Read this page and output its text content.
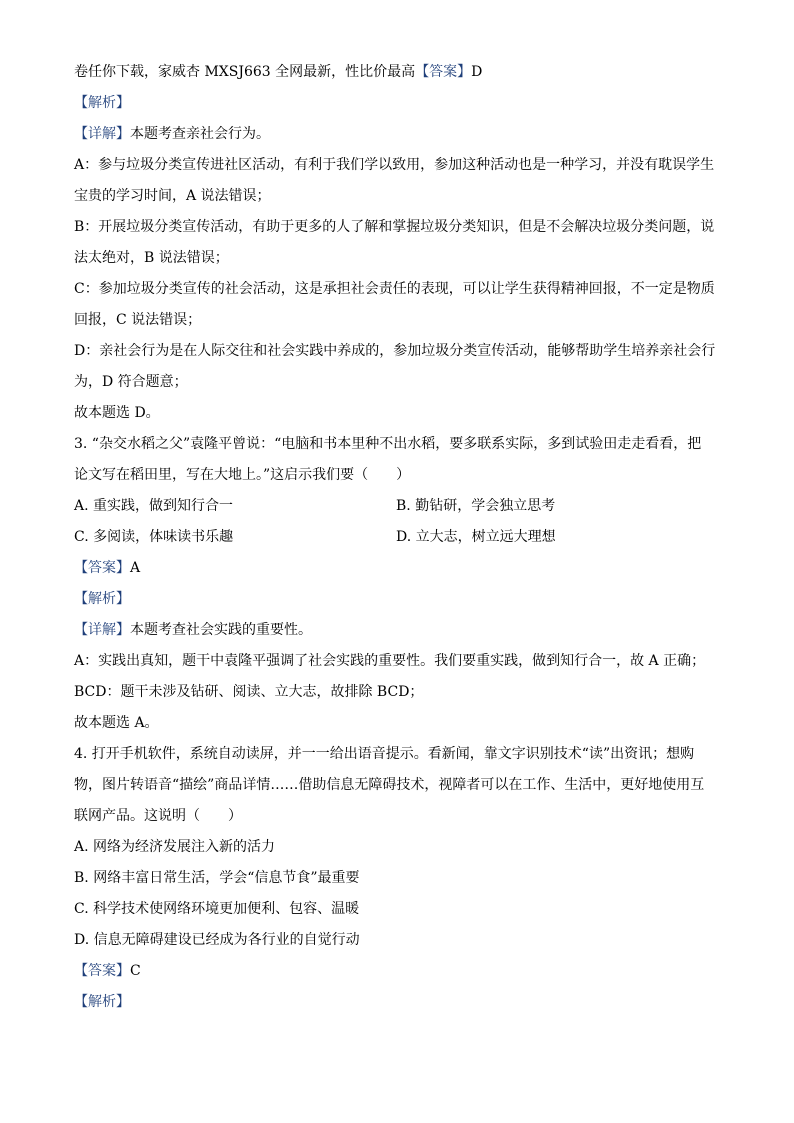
卷任你下载，家威杏 MXSJ663 全网最新，性比价最高【答案】D
【解析】
【详解】本题考查亲社会行为。
A：参与垃圾分类宣传进社区活动，有利于我们学以致用，参加这种活动也是一种学习，并没有耽误学生
宝贵的学习时间，A 说法错误；
B：开展垃圾分类宣传活动，有助于更多的人了解和掌握垃圾分类知识，但是不会解决垃圾分类问题，说
法太绝对，B 说法错误；
C：参加垃圾分类宣传的社会活动，这是承担社会责任的表现，可以让学生获得精神回报，不一定是物质
回报，C 说法错误；
D：亲社会行为是在人际交往和社会实践中养成的，参加垃圾分类宣传活动，能够帮助学生培养亲社会行
为，D 符合题意；
故本题选 D。
3. “杂交水稻之父”袁隆平曾说：“电脑和书本里种不出水稻，要多联系实际，多到试验田走走看看，把
论文写在稻田里，写在大地上。”这启示我们要（　　）
A. 重实践，做到知行合一	B. 勤钻研，学会独立思考
C. 多阅读，体味读书乐趣	D. 立大志，树立远大理想
【答案】A
【解析】
【详解】本题考查社会实践的重要性。
A：实践出真知，题干中袁隆平强调了社会实践的重要性。我们要重实践，做到知行合一，故 A 正确；
BCD：题干未涉及钻研、阅读、立大志，故排除 BCD；
故本题选 A。
4. 打开手机软件，系统自动读屏，并一一给出语音提示。看新闻，靠文字识别技术“读”出资讯；想购
物，图片转语音“描绘”商品详情……借助信息无障碍技术，视障者可以在工作、生活中，更好地使用互
联网产品。这说明（　　）
A. 网络为经济发展注入新的活力
B. 网络丰富日常生活，学会“信息节食”最重要
C. 科学技术使网络环境更加便利、包容、温暖
D. 信息无障碍建设已经成为各行业的自觉行动
【答案】C
【解析】
